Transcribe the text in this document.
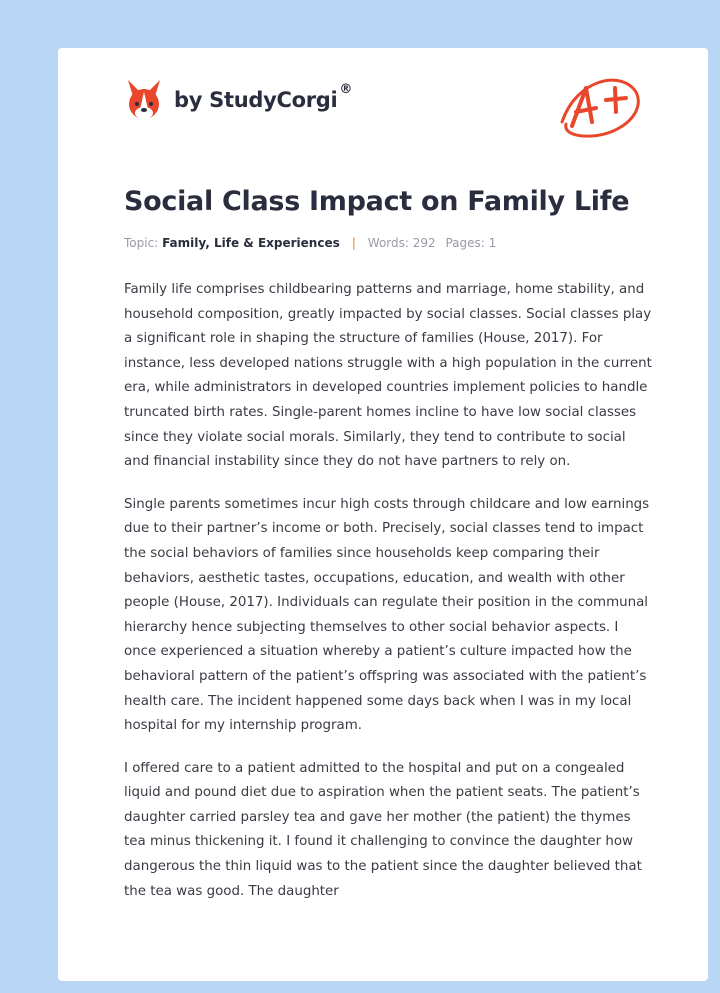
by StudyCorgi ®
Social Class Impact on Family Life
Topic: Family, Life & Experiences | Words: 292 Pages: 1

Family life comprises childbearing patterns and marriage, home stability, and household composition, greatly impacted by social classes. Social classes play a significant role in shaping the structure of families (House, 2017). For instance, less developed nations struggle with a high population in the current era, while administrators in developed countries implement policies to handle truncated birth rates. Single-parent homes incline to have low social classes since they violate social morals. Similarly, they tend to contribute to social and financial instability since they do not have partners to rely on.

Single parents sometimes incur high costs through childcare and low earnings due to their partner’s income or both. Precisely, social classes tend to impact the social behaviors of families since households keep comparing their behaviors, aesthetic tastes, occupations, education, and wealth with other people (House, 2017). Individuals can regulate their position in the communal hierarchy hence subjecting themselves to other social behavior aspects. I once experienced a situation whereby a patient’s culture impacted how the behavioral pattern of the patient’s offspring was associated with the patient’s health care. The incident happened some days back when I was in my local hospital for my internship program.

I offered care to a patient admitted to the hospital and put on a congealed liquid and pound diet due to aspiration when the patient seats. The patient’s daughter carried parsley tea and gave her mother (the patient) the thymes tea minus thickening it. I found it challenging to convince the daughter how dangerous the thin liquid was to the patient since the daughter believed that the tea was good. The daughter
